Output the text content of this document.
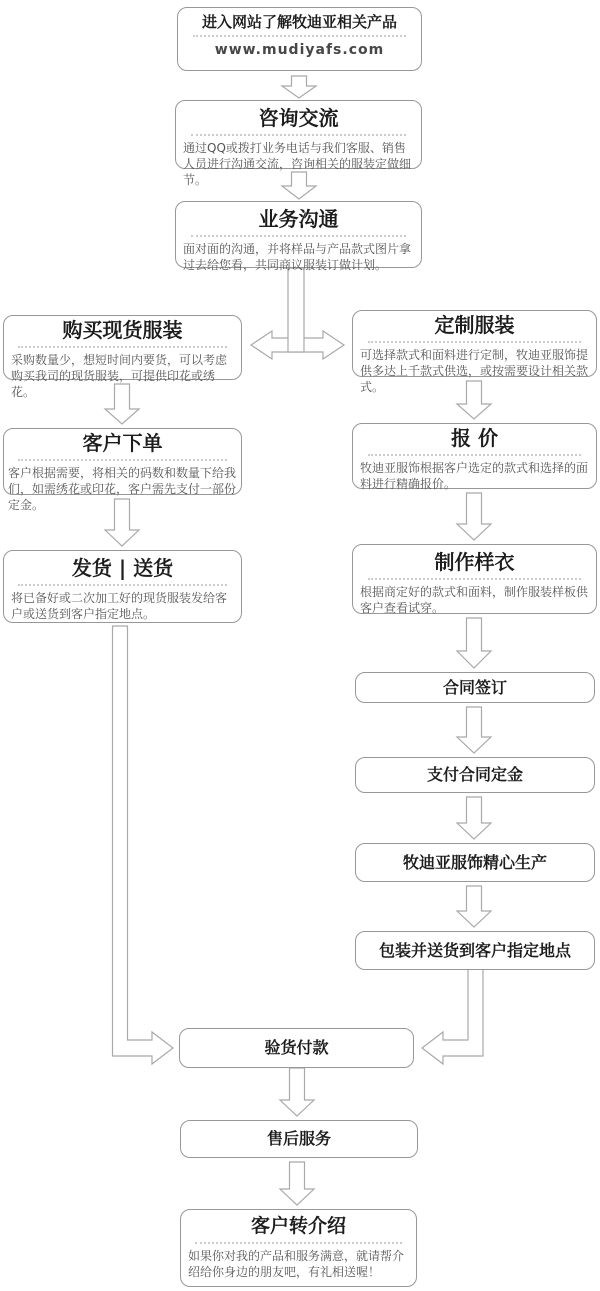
进入网站了解牧迪亚相关产品
www.mudiyafs.com
咨询交流
通过QQ或拨打业务电话与我们客服、销售人员进行沟通交流，咨询相关的服装定做细节。
业务沟通
面对面的沟通，并将样品与产品款式图片拿过去给您看，共同商议服装订做计划。
购买现货服装
采购数量少，想短时间内要货，可以考虑购买我司的现货服装，可提供印花或绣花。
定制服装
可选择款式和面料进行定制，牧迪亚服饰提供多达上千款式供选，或按需要设计相关款式。
客户下单
客户根据需要，将相关的码数和数量下给我们，如需绣花或印花，客户需先支付一部份定金。
报 价
牧迪亚服饰根据客户选定的款式和选择的面料进行精确报价。
发货 | 送货
将已备好或二次加工好的现货服装发给客户或送货到客户指定地点。
制作样衣
根据商定好的款式和面料，制作服装样板供客户查看试穿。
合同签订
支付合同定金
牧迪亚服饰精心生产
包装并送货到客户指定地点
验货付款
售后服务
客户转介绍
如果你对我的产品和服务满意，就请帮介绍给你身边的朋友吧，有礼相送喔！
